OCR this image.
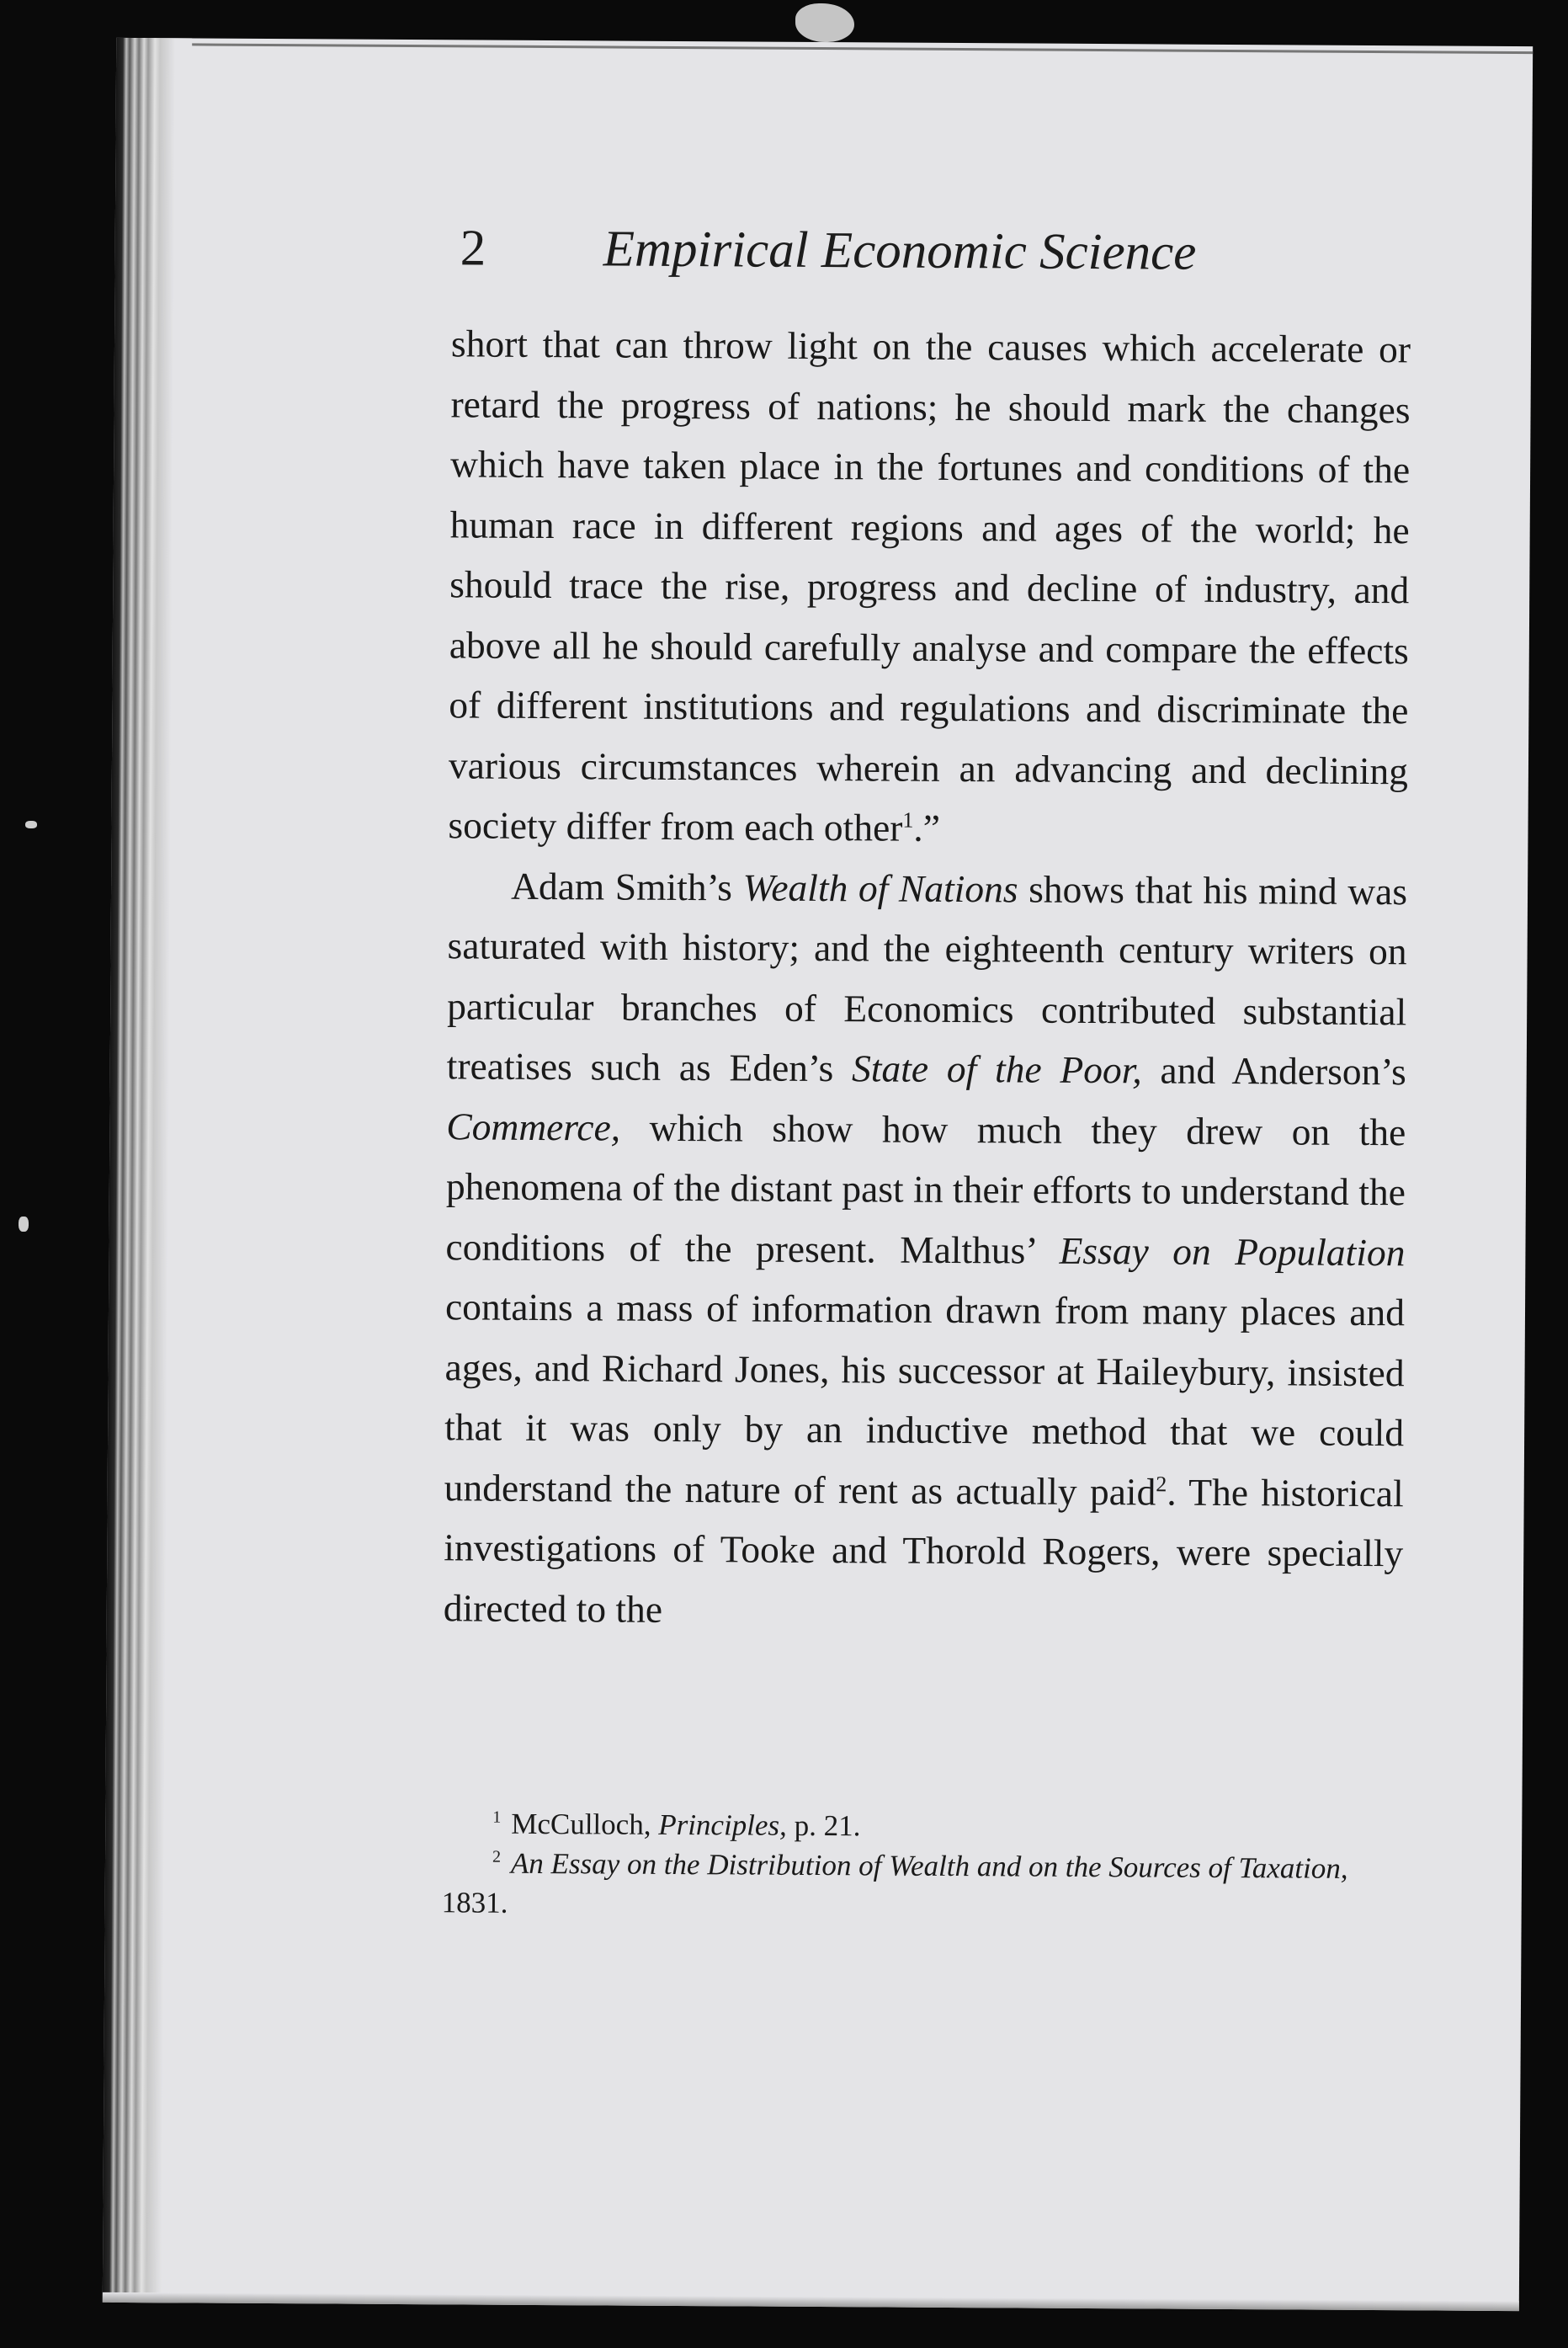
2 Empirical Economic Science

short that can throw light on the causes which accelerate or retard the progress of nations; he should mark the changes which have taken place in the fortunes and conditions of the human race in different regions and ages of the world; he should trace the rise, progress and decline of industry, and above all he should carefully analyse and compare the effects of different institutions and regulations and discriminate the various circumstances wherein an advancing and declining society differ from each other$^1$.”

Adam Smith’s Wealth of Nations shows that his mind was saturated with history; and the eighteenth century writers on particular branches of Economics contributed substantial treatises such as Eden’s State of the Poor, and Anderson’s Commerce, which show how much they drew on the phenomena of the distant past in their efforts to understand the conditions of the present. Malthus’ Essay on Population contains a mass of information drawn from many places and ages, and Richard Jones, his successor at Haileybury, insisted that it was only by an inductive method that we could understand the nature of rent as actually paid$^2$. The historical investigations of Tooke and Thorold Rogers, were specially directed to the

$^1$ McCulloch, Principles, p. 21.

$^2$ An Essay on the Distribution of Wealth and on the Sources of Taxation, 1831.
